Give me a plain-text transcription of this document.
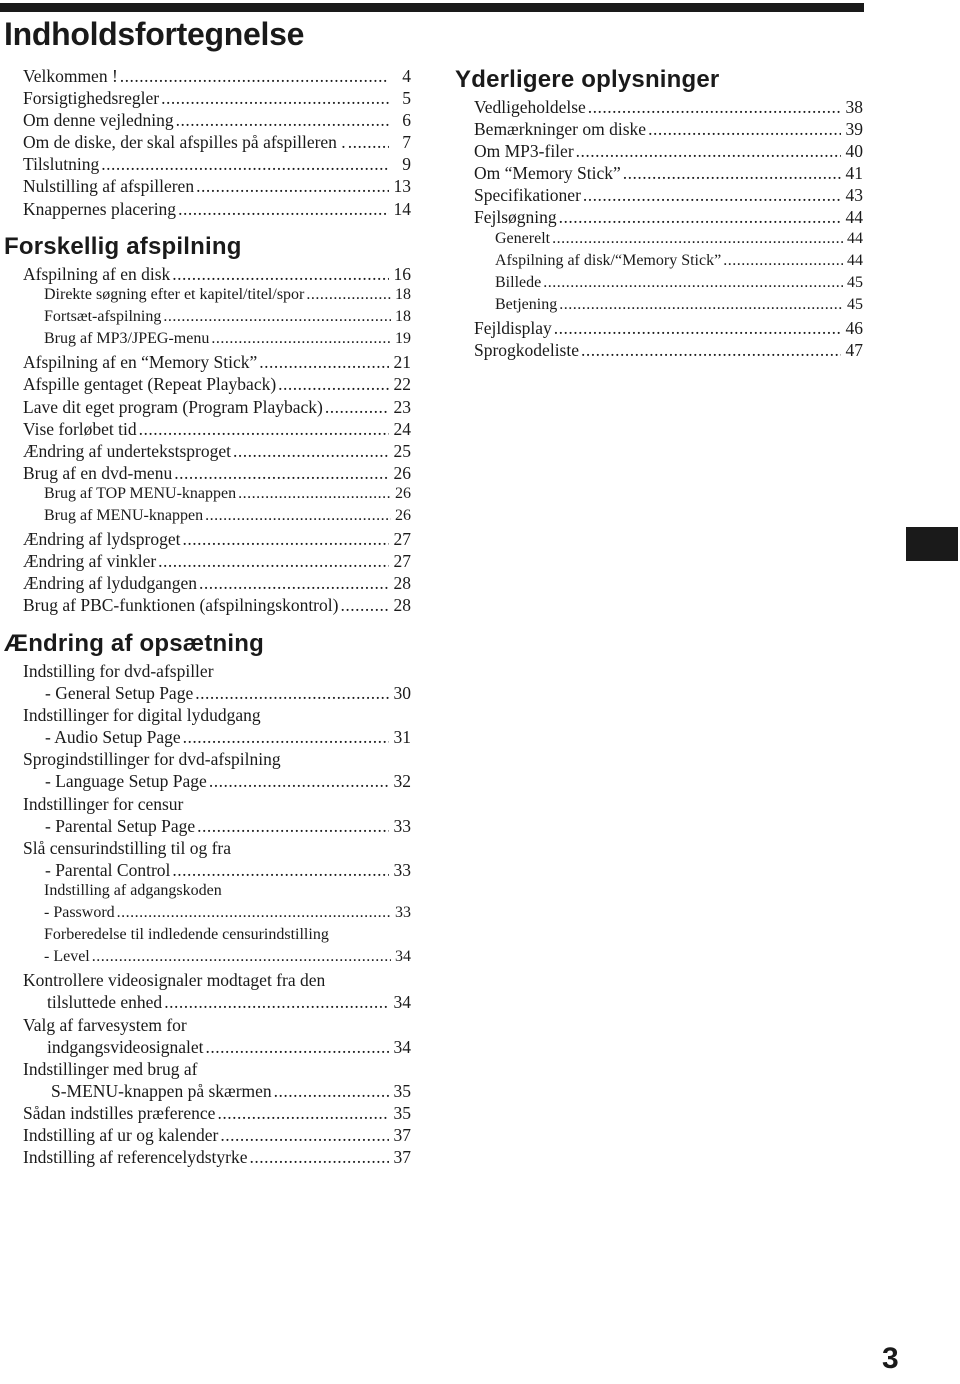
Indholdsfortegnelse
Velkommen ! .....	4
Forsigtighedsregler .....	5
Om denne vejledning .....	6
Om de diske, der skal afspilles på afspilleren . .....	7
Tilslutning .....	9
Nulstilling af afspilleren .....	13
Knappernes placering .....	14
Forskellig afspilning
Afspilning af en disk .....	16
Direkte søgning efter et kapitel/titel/spor .....	18
Fortsæt-afspilning .....	18
Brug af MP3/JPEG-menu .....	19
Afspilning af en “Memory Stick” .....	21
Afspille gentaget (Repeat Playback) .....	22
Lave dit eget program (Program Playback) .....	23
Vise forløbet tid .....	24
Ændring af undertekstsproget .....	25
Brug af en dvd-menu .....	26
Brug af TOP MENU-knappen .....	26
Brug af MENU-knappen .....	26
Ændring af lydsproget .....	27
Ændring af vinkler .....	27
Ændring af lydudgangen .....	28
Brug af PBC-funktionen (afspilningskontrol) .....	28
Ændring af opsætning
Indstilling for dvd-afspiller
- General Setup Page .....	30
Indstillinger for digital lydudgang
- Audio Setup Page .....	31
Sprogindstillinger for dvd-afspilning
- Language Setup Page .....	32
Indstillinger for censur
- Parental Setup Page .....	33
Slå censurindstilling til og fra
- Parental Control .....	33
Indstilling af adgangskoden
- Password .....	33
Forberedelse til indledende censurindstilling
- Level .....	34
Kontrollere videosignaler modtaget fra den
tilsluttede enhed .....	34
Valg af farvesystem for
indgangsvideosignalet .....	34
Indstillinger med brug af
S-MENU-knappen på skærmen .....	35
Sådan indstilles præference .....	35
Indstilling af ur og kalender .....	37
Indstilling af referencelydstyrke .....	37
Yderligere oplysninger
Vedligeholdelse .....	38
Bemærkninger om diske .....	39
Om MP3-filer .....	40
Om “Memory Stick” .....	41
Specifikationer .....	43
Fejlsøgning .....	44
Generelt .....	44
Afspilning af disk/“Memory Stick” .....	44
Billede .....	45
Betjening .....	45
Fejldisplay .....	46
Sprogkodeliste .....	47
3
